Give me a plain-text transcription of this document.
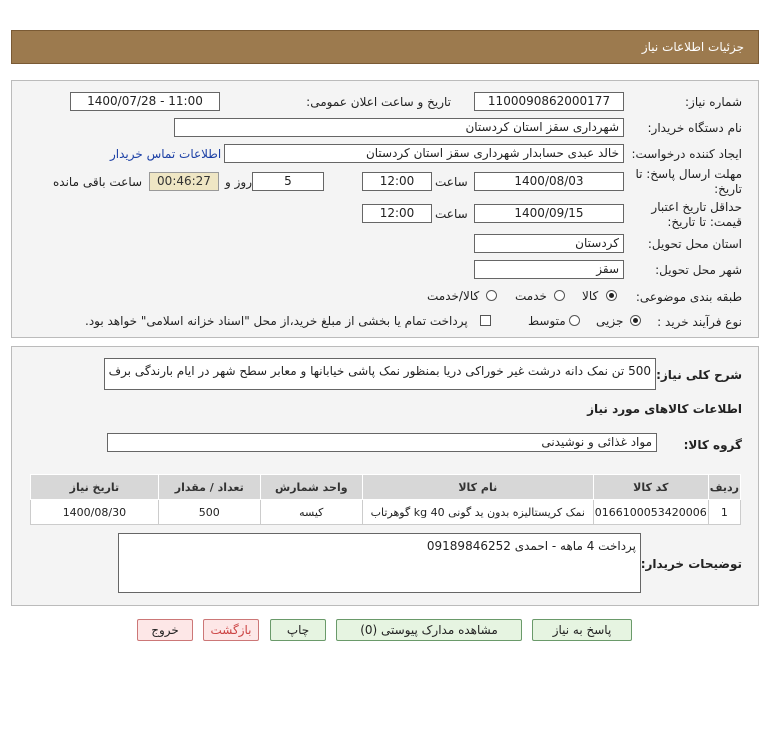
جزئیات اطلاعات نیاز
شماره نیاز:
1100090862000177
تاریخ و ساعت اعلان عمومی:
1400/07/28 - 11:00
نام دستگاه خریدار:
شهرداری سقز استان کردستان
ایجاد کننده درخواست:
خالد عبدی حسابدار شهرداری سقز استان کردستان
اطلاعات تماس خریدار
مهلت ارسال پاسخ: تا
تاریخ:
1400/08/03
ساعت
12:00
5
روز و
00:46:27
ساعت باقی مانده
حداقل تاریخ اعتبار
قیمت: تا تاریخ:
1400/09/15
ساعت
12:00
استان محل تحویل:
کردستان
شهر محل تحویل:
سقز
طبقه بندی موضوعی:
کالا
خدمت
کالا/خدمت
نوع فرآیند خرید :
جزیی
متوسط
پرداخت تمام یا بخشی از مبلغ خرید،از محل "اسناد خزانه اسلامی" خواهد بود.
شرح کلی نیاز:
500 تن نمک دانه درشت غیر خوراکی دریا بمنظور نمک پاشی خیابانها و معابر سطح شهر در ایام بارندگی برف
اطلاعات کالاهای مورد نیاز
گروه کالا:
مواد غذائی و نوشیدنی
ردیف	کد کالا	نام کالا	واحد شمارش	تعداد / مقدار	تاریخ نیاز
1	0166100053420006	نمک کریستالیزه بدون ید گونی 40 kg گوهرتاب	کیسه	500	1400/08/30
توضیحات خریدار:
پرداخت 4 ماهه - احمدی 09189846252
پاسخ به نیاز
مشاهده مدارک پیوستی (0)
چاپ
بازگشت
خروج
